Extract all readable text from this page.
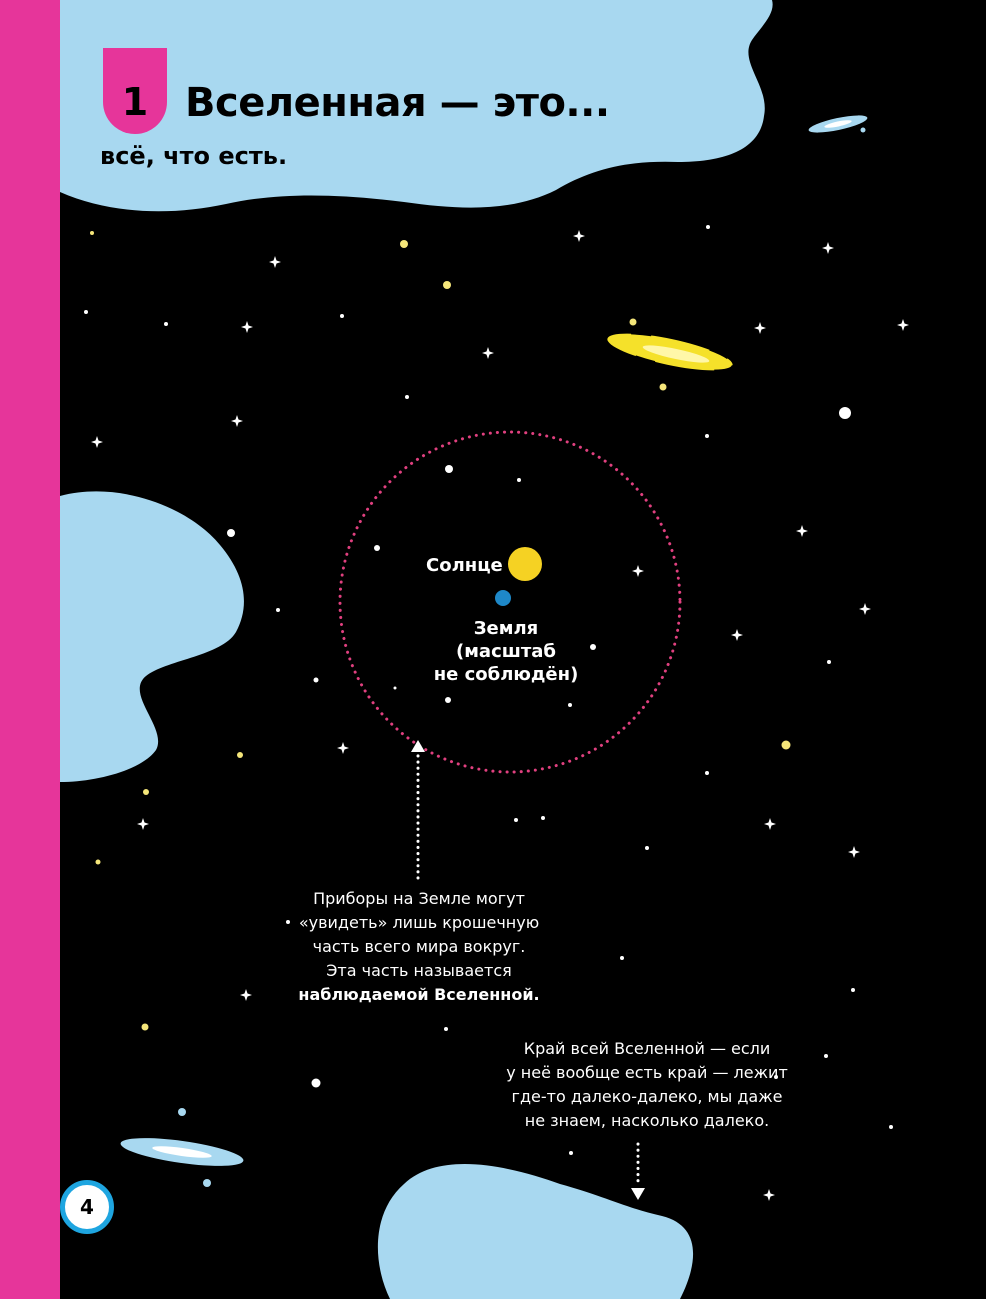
1 Вселенная — это...
всё, что есть.
Солнце
Земля
(масштаб
не соблюдён)
Приборы на Земле могут
«увидеть» лишь крошечную
часть всего мира вокруг.
Эта часть называется
наблюдаемой Вселенной.
Край всей Вселенной — если
у неё вообще есть край — лежит
где-то далеко-далеко, мы даже
не знаем, насколько далеко.
4
